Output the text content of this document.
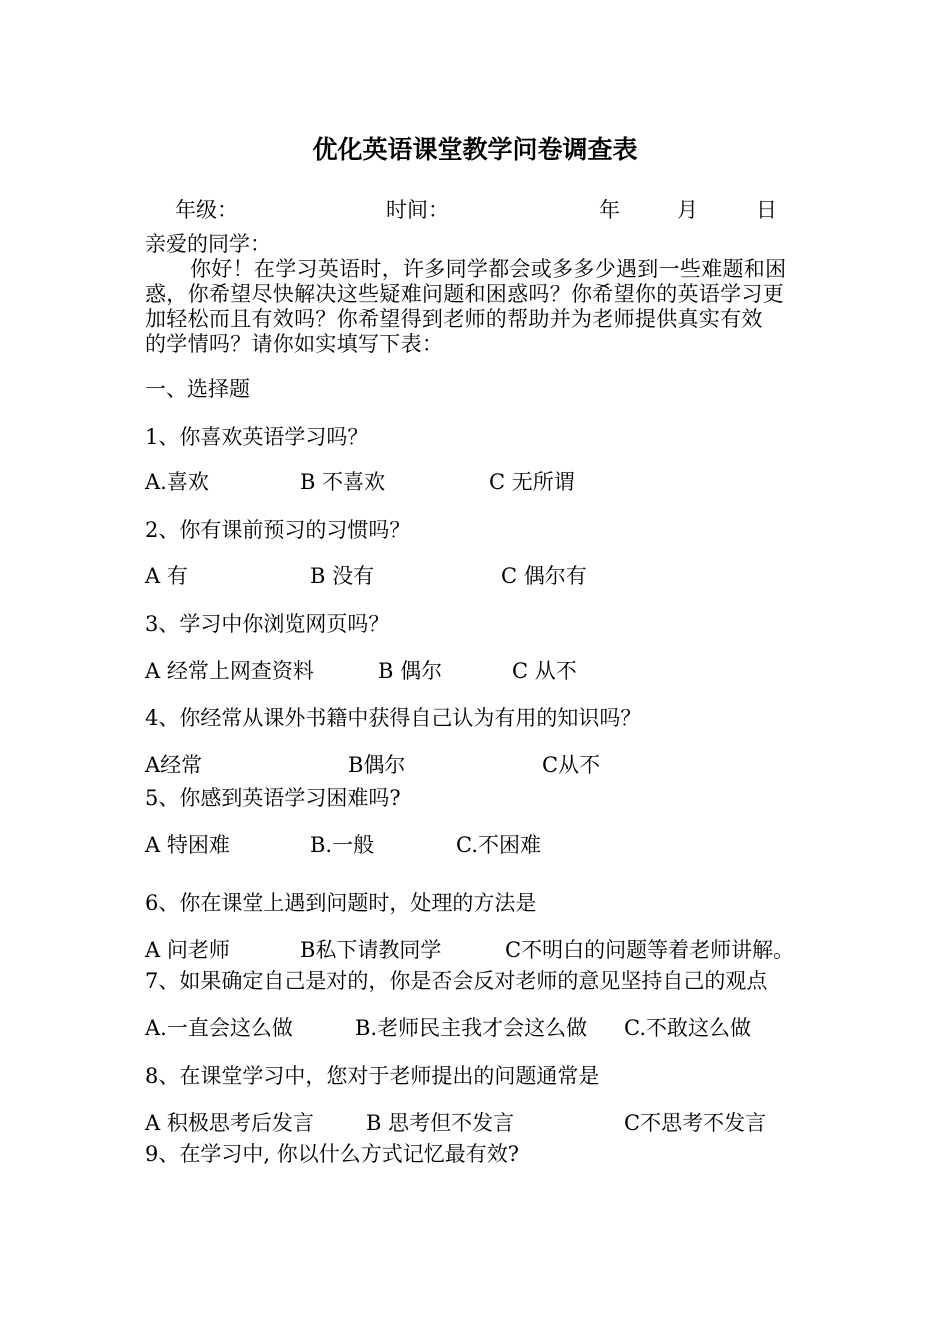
优化英语课堂教学问卷调查表
年级：	时间：	年	月	日
亲爱的同学：
你好！在学习英语时，许多同学都会或多多少遇到一些难题和困
惑，你希望尽快解决这些疑难问题和困惑吗？你希望你的英语学习更
加轻松而且有效吗？你希望得到老师的帮助并为老师提供真实有效
的学情吗？请你如实填写下表：
一、选择题
1、你喜欢英语学习吗？
A.喜欢	B 不喜欢	C 无所谓
2、你有课前预习的习惯吗？
A 有	B 没有	C 偶尔有
3、学习中你浏览网页吗？
A 经常上网查资料	B 偶尔	C 从不
4、你经常从课外书籍中获得自己认为有用的知识吗？
A经常	B偶尔	C从不
5、你感到英语学习困难吗?
A 特困难	B.一般	C.不困难
6、你在课堂上遇到问题时，处理的方法是
A 问老师	B私下请教同学	C不明白的问题等着老师讲解。
7、如果确定自己是对的，你是否会反对老师的意见坚持自己的观点
A.一直会这么做	B.老师民主我才会这么做 C.不敢这么做
8、在课堂学习中，您对于老师提出的问题通常是
A 积极思考后发言 B 思考但不发言	C不思考不发言
9、在学习中, 你以什么方式记忆最有效?
